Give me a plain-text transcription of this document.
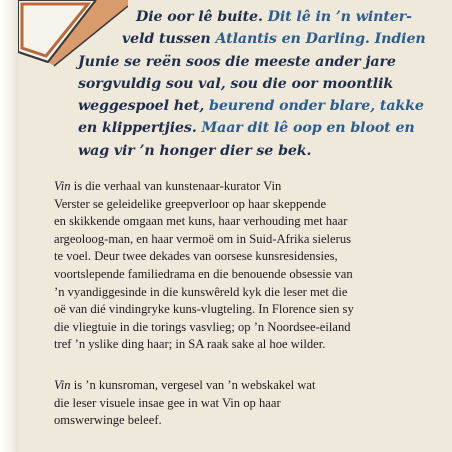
Die oor lê buite. Dit lê in ’n winter-
veld tussen Atlantis en Darling. Indien
Junie se reën soos die meeste ander jare
sorgvuldig sou val, sou die oor moontlik
weggespoel het, beurend onder blare, takke
en klippertjies. Maar dit lê oop en bloot en
wag vir ’n honger dier se bek.
Vin is die verhaal van kunstenaar-kurator Vin
Verster se geleidelike greepverloor op haar skeppende
en skikkende omgaan met kuns, haar verhouding met haar
argeoloog-man, en haar vermoë om in Suid-Afrika sielerus
te voel. Deur twee dekades van oorsese kunsresidensies,
voortslepende familiedrama en die benouende obsessie van
’n vyandiggesinde in die kunswêreld kyk die leser met die
oë van dié vindingryke kuns-vlugteling. In Florence sien sy
die vliegtuie in die torings vasvlieg; op ’n Noordsee-eiland
tref ’n yslike ding haar; in SA raak sake al hoe wilder.
Vin is ’n kunsroman, vergesel van ’n webskakel wat
die leser visuele insae gee in wat Vin op haar
omswerwinge beleef.
